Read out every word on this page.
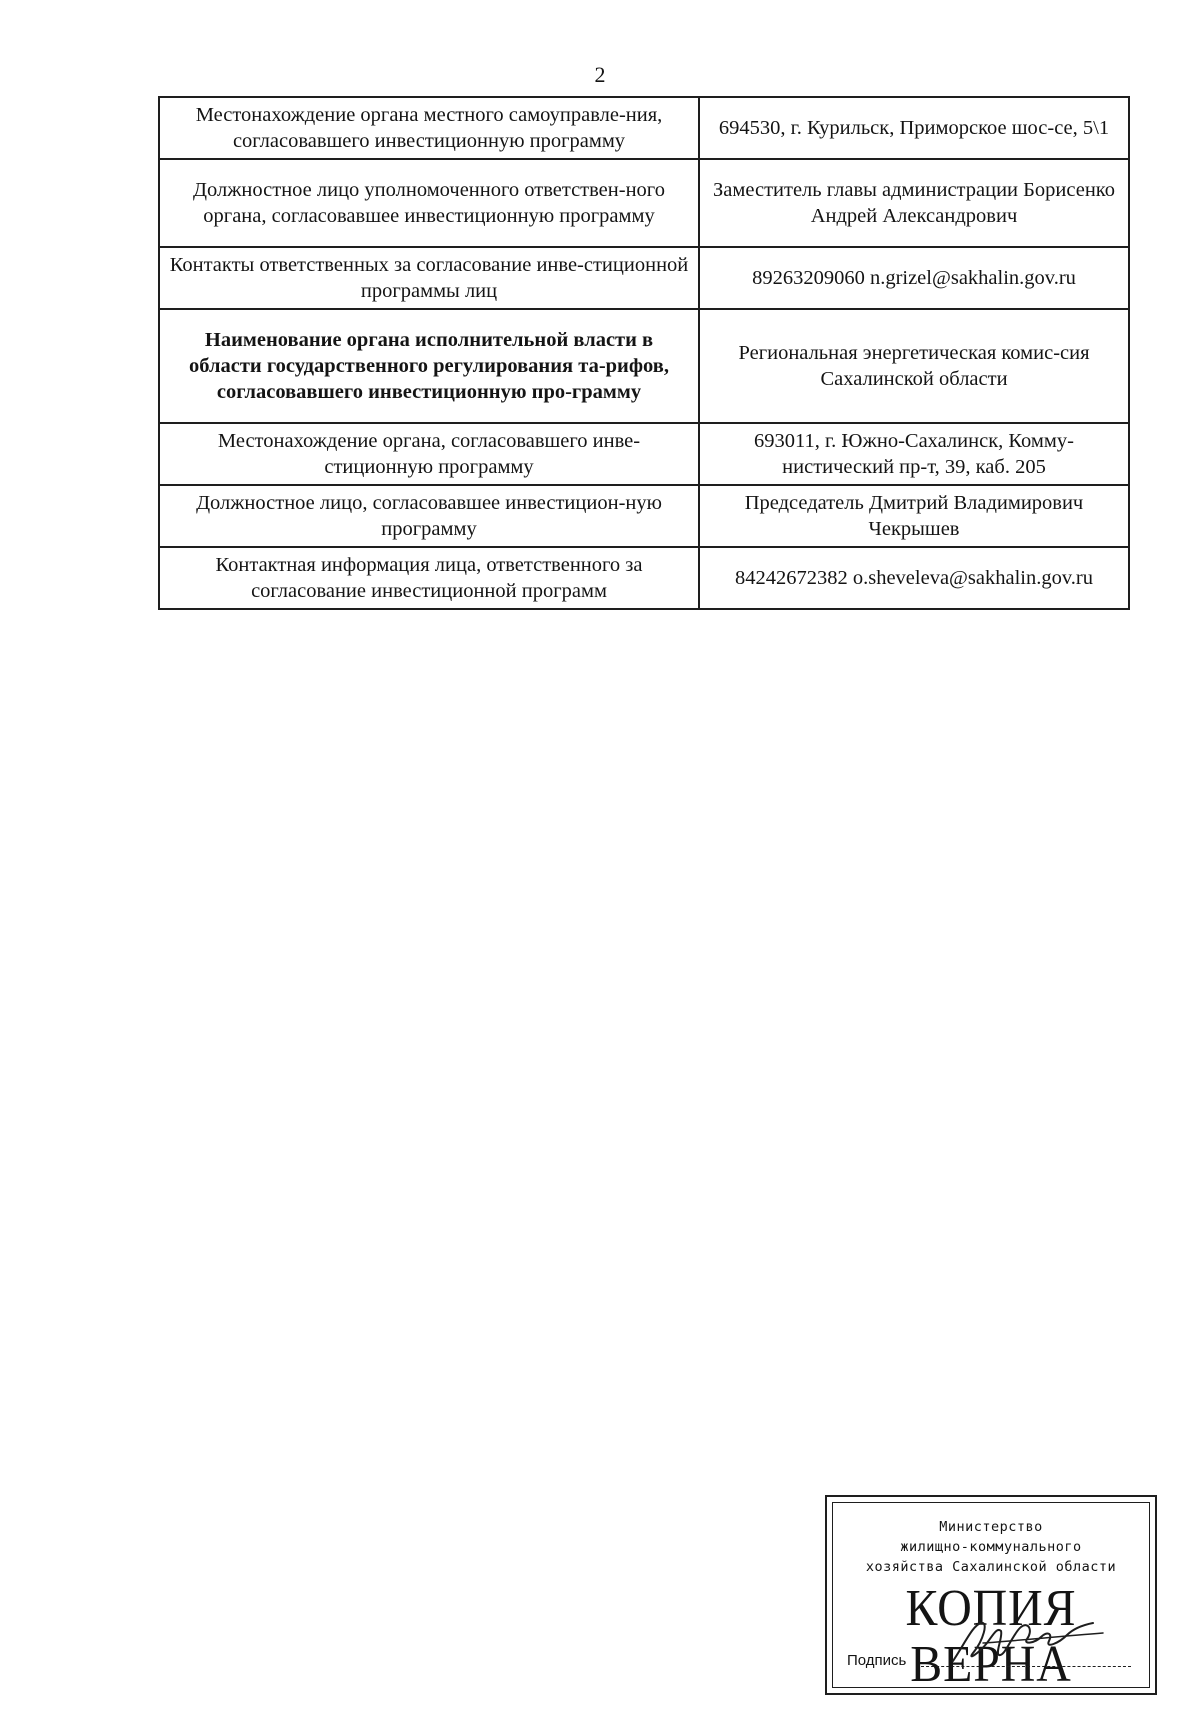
2
Местонахождение органа местного самоуправле-ния, согласовавшего инвестиционную программу	694530, г. Курильск, Приморское шос-се, 5\1
Должностное лицо уполномоченного ответствен-ного органа, согласовавшее инвестиционную программу	Заместитель главы администрации Борисенко Андрей Александрович
Контакты ответственных за согласование инве-стиционной программы лиц	89263209060 n.grizel@sakhalin.gov.ru
Наименование органа исполнительной власти в области государственного регулирования та-рифов, согласовавшего инвестиционную про-грамму	Региональная энергетическая комис-сия Сахалинской области
Местонахождение органа, согласовавшего инве-стиционную программу	693011, г. Южно-Сахалинск, Комму-нистический пр-т, 39, каб. 205
Должностное лицо, согласовавшее инвестицион-ную программу	Председатель Дмитрий Владимирович Чекрышев
Контактная информация лица, ответственного за согласование инвестиционной программ	84242672382 o.sheveleva@sakhalin.gov.ru
Министерство
жилищно-коммунального
хозяйства Сахалинской области
КОПИЯ ВЕРНА
Подпись
